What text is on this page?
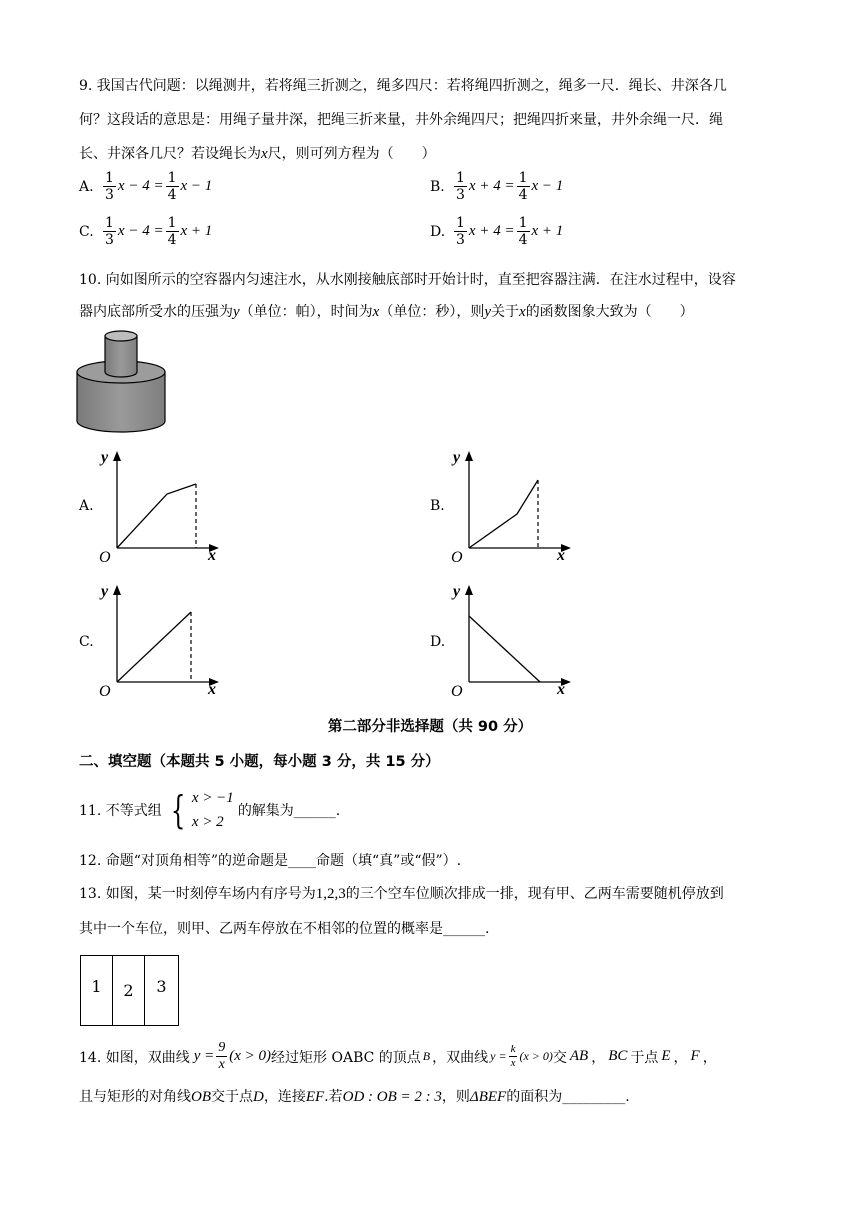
9. 我国古代问题：以绳测井，若将绳三折测之，绳多四尺：若将绳四折测之，绳多一尺．绳长、井深各几
何？这段话的意思是：用绳子量井深，把绳三折来量，井外余绳四尺；把绳四折来量，井外余绳一尺．绳
长、井深各几尺？若设绳长为x尺，则可列方程为（　　）
A. $\frac{1}{3}$ $x - 4 = \frac{1}{4}$ x − 1	B. $\frac{1}{3}$ $x + 4 = \frac{1}{4}$ x − 1
C. $\frac{1}{3}$ $x - 4 = \frac{1}{4}$ x + 1	D. $\frac{1}{3}$ $x + 4 = \frac{1}{4}$ x + 1
10. 向如图所示的空容器内匀速注水，从水刚接触底部时开始计时，直至把容器注满．在注水过程中，设容
器内底部所受水的压强为y（单位：帕），时间为x（单位：秒），则y关于x的函数图象大致为（　　）
A.
y
x
O
B.
y
x
O
C.
y
x
O
D.
y
x
O
第二部分非选择题（共 90 分）
二、填空题（本题共 5 小题，每小题 3 分，共 15 分）
11. 不等式组 { x > −1
x > 2
的解集为______.
12. 命题“对顶角相等”的逆命题是____命题（填“真”或“假”）.
13. 如图，某一时刻停车场内有序号为1,2,3的三个空车位顺次排成一排，现有甲、乙两车需要随机停放到
其中一个车位，则甲、乙两车停放在不相邻的位置的概率是______.
1	2	3
14. 如图，双曲线 $y = \frac{9}{x} (x > 0)$ 经过矩形 OABC 的顶点 B ，双曲线 $y = \frac{k}{x} (x > 0)$ 交 AB ， BC 于点 E ， F ，
且与矩形的对角线OB交于点D，连接EF.若OD : OB = 2 : 3，则ΔBEF的面积为_________.
